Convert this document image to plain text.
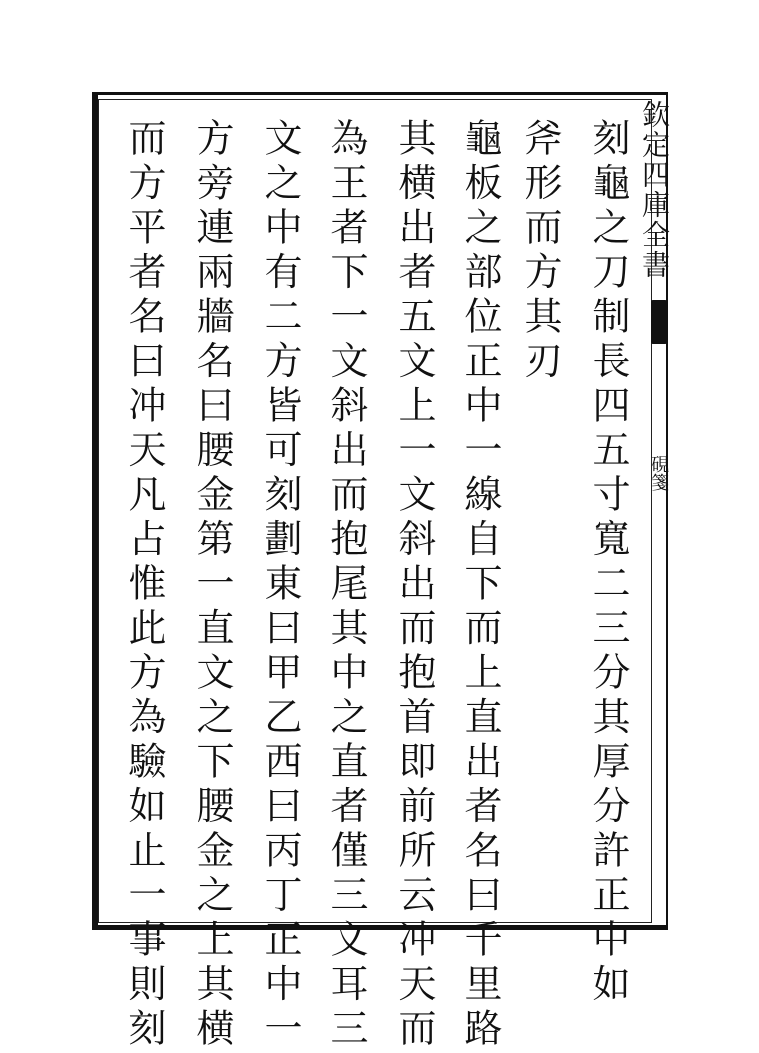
欽定四庫全書
硯箋
刻龜之刀制長四五寸寬二三分其厚分許正中如
斧形而方其刃
龜板之部位正中一線自下而上直出者名曰千里路
其横出者五文上一文斜出而抱首即前所云冲天而
為王者下一文斜出而抱尾其中之直者僅三文耳三
文之中有二方皆可刻劃東曰甲乙西曰丙丁正中一
方旁連兩牆名曰腰金第一直文之下腰金之上其横
而方平者名曰冲天凡占惟此方為驗如止一事則刻
